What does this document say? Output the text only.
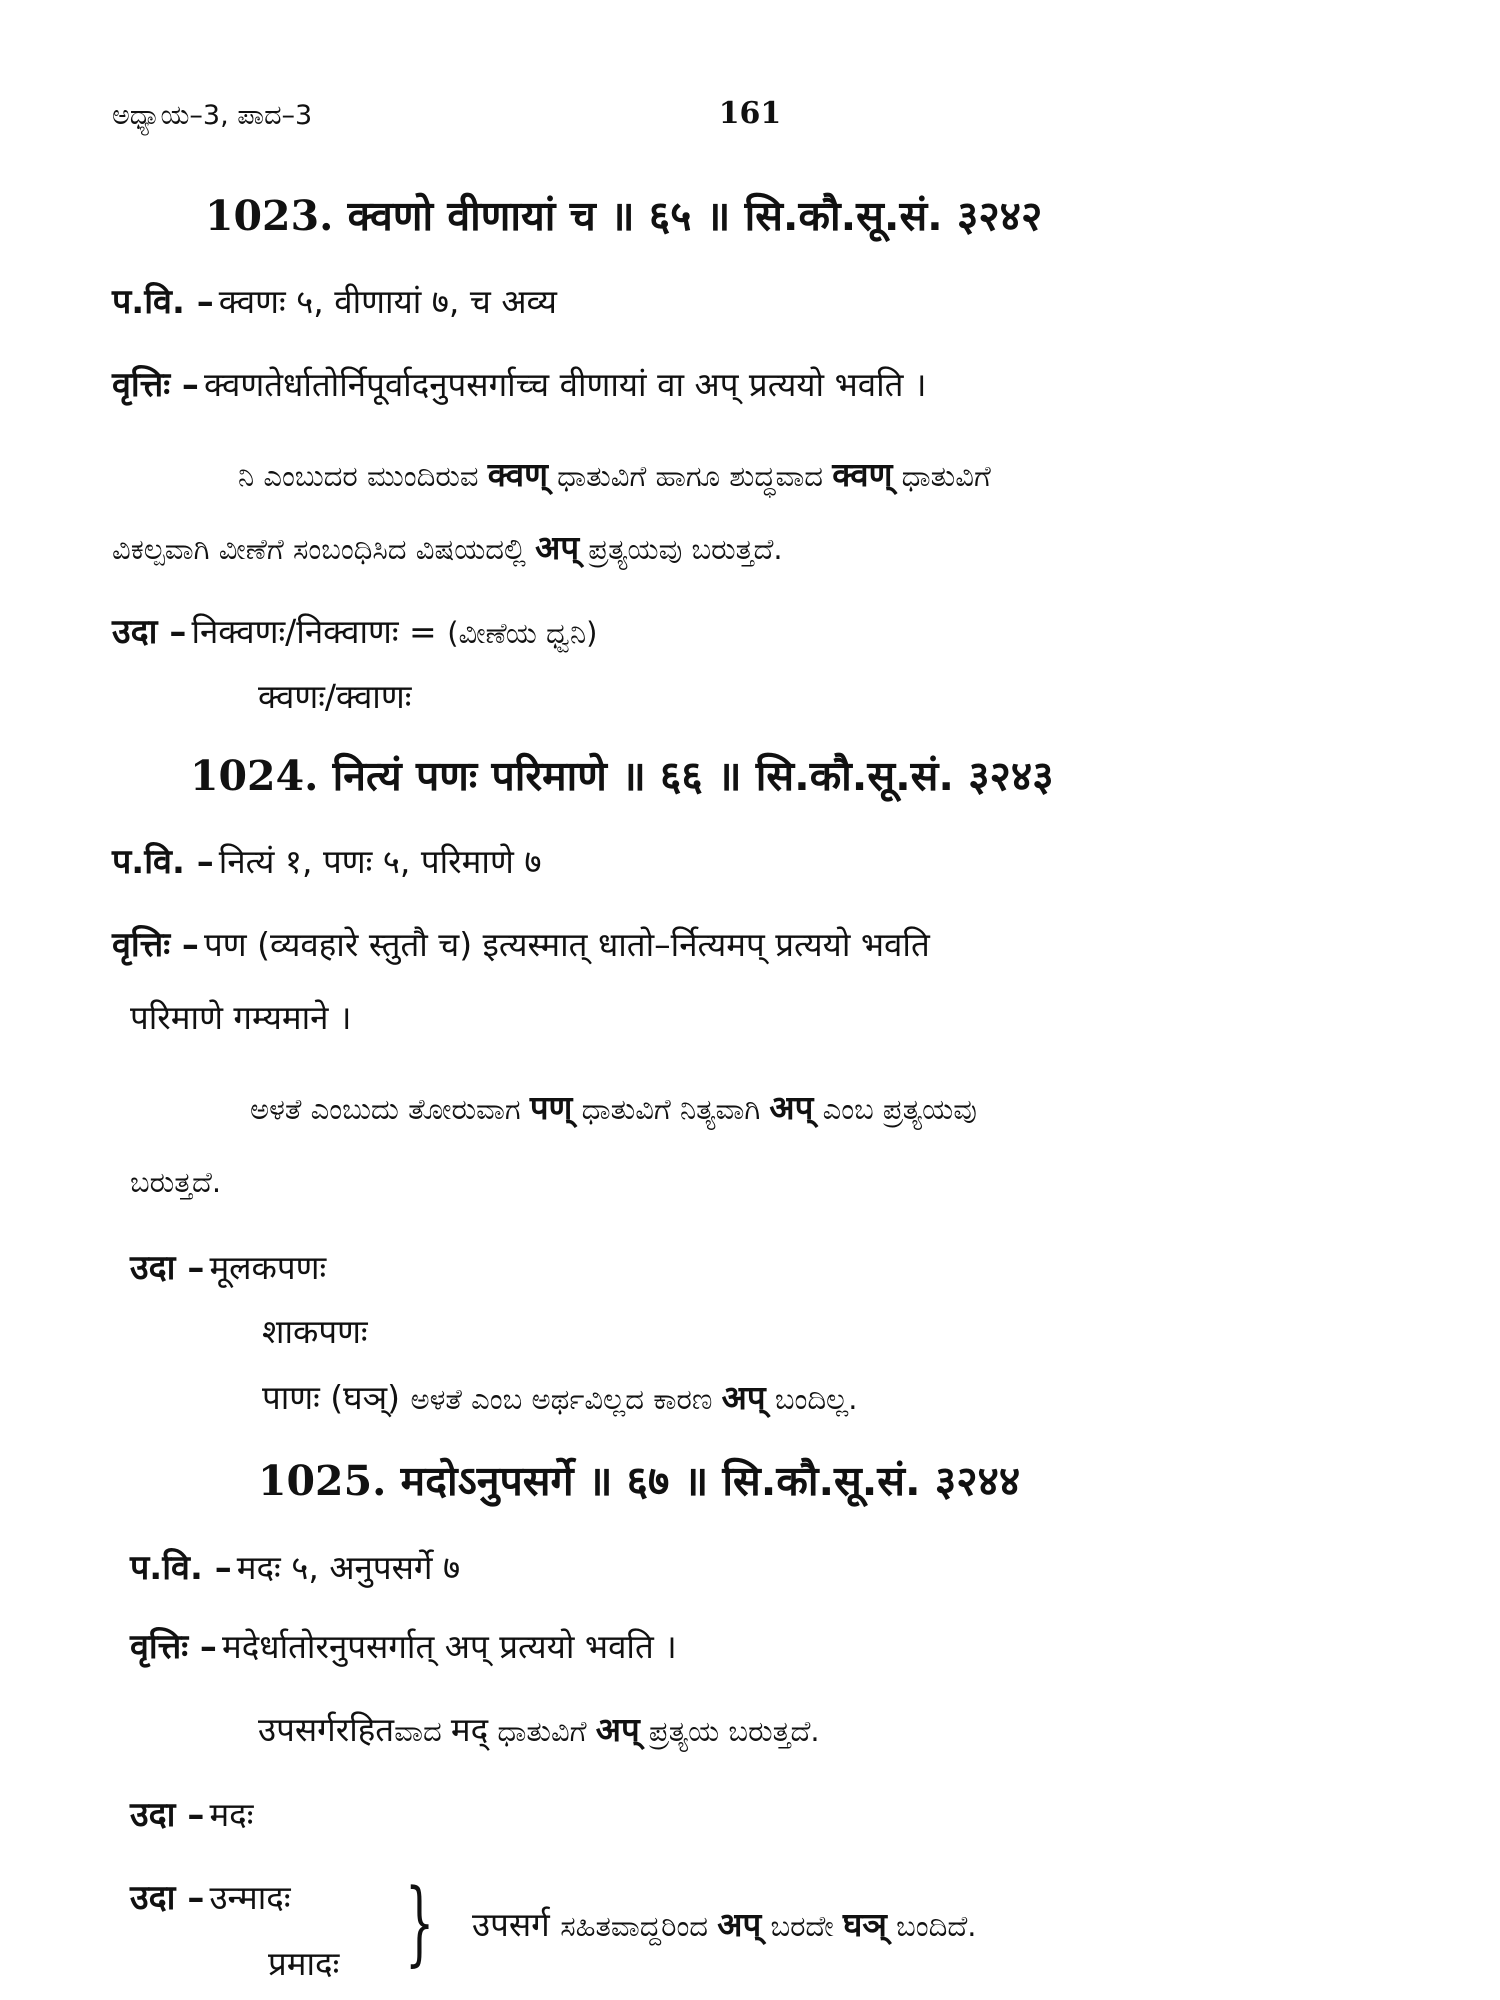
ಅಧ್ಯಾಯ–3, ಪಾದ–3	161
1023. क्वणो वीणायां च ॥ ६५ ॥ सि.कौ.सू.सं. ३२४२
प.वि. – क्वणः ५, वीणायां ७, च अव्य
वृत्तिः – क्वणतेर्धातोर्निपूर्वादनुपसर्गाच्च वीणायां वा अप् प्रत्ययो भवति ।
ನಿ ಎಂಬುದರ ಮುಂದಿರುವ क्वण् ಧಾತುವಿಗೆ ಹಾಗೂ ಶುದ್ಧವಾದ क्वण् ಧಾತುವಿಗೆ
ವಿಕಲ್ಪವಾಗಿ ವೀಣೆಗೆ ಸಂಬಂಧಿಸಿದ ವಿಷಯದಲ್ಲಿ अप् ಪ್ರತ್ಯಯವು ಬರುತ್ತದೆ.
उदा – निक्वणः/निक्वाणः = (ವೀಣೆಯ ಧ್ವನಿ)
क्वणः/क्वाणः
1024. नित्यं पणः परिमाणे ॥ ६६ ॥ सि.कौ.सू.सं. ३२४३
प.वि. – नित्यं १, पणः ५, परिमाणे ७
वृत्तिः – पण (व्यवहारे स्तुतौ च) इत्यस्मात् धातो–र्नित्यमप् प्रत्ययो भवति
परिमाणे गम्यमाने ।
ಅಳತೆ ಎಂಬುದು ತೋರುವಾಗ पण् ಧಾತುವಿಗೆ ನಿತ್ಯವಾಗಿ अप् ಎಂಬ ಪ್ರತ್ಯಯವು
ಬರುತ್ತದೆ.
उदा – मूलकपणः
शाकपणः
पाणः (घञ्) ಅಳತೆ ಎಂಬ ಅರ್ಥವಿಲ್ಲದ ಕಾರಣ अप् ಬಂದಿಲ್ಲ.
1025. मदोऽनुपसर्गे ॥ ६७ ॥ सि.कौ.सू.सं. ३२४४
प.वि. – मदः ५, अनुपसर्गे ७
वृत्तिः – मदेर्धातोरनुपसर्गात् अप् प्रत्ययो भवति ।
उपसर्गरहितವಾದ मद् ಧಾತುವಿಗೆ अप् ಪ್ರತ್ಯಯ ಬರುತ್ತದೆ.
उदा – मदः
उदा – उन्मादः
प्रमादः } उपसर्ग ಸಹಿತವಾದ್ದರಿಂದ अप् ಬರದೇ घञ् ಬಂದಿದೆ.
